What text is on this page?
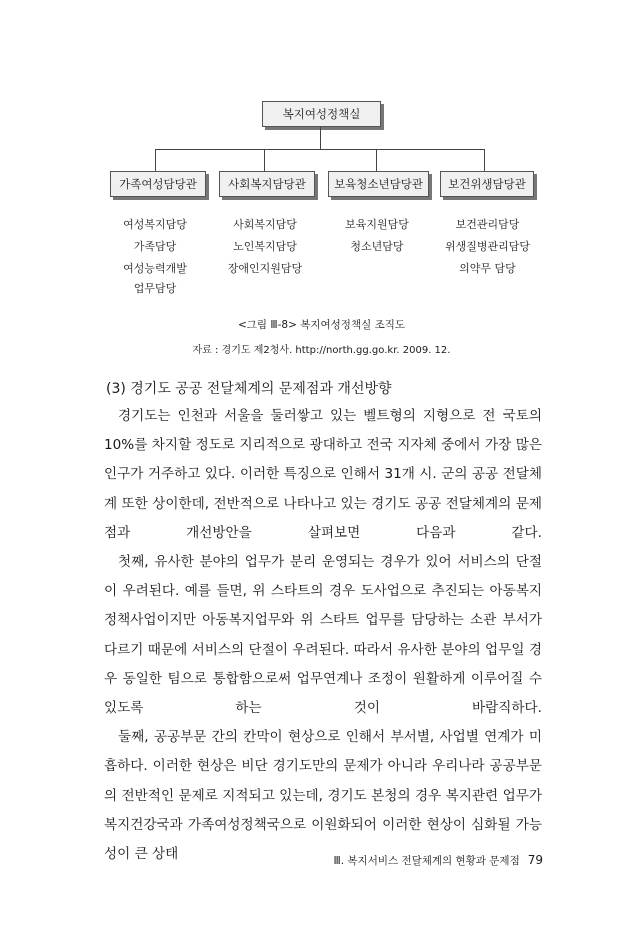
복지여성정책실
가족여성담당관	사회복지담당관 보육청소년담당관 보건위생담당관
여성복지담당
가족담당
여성능력개발
업무담당
사회복지담당
노인복지담당
장애인지원담당
보육지원담당
청소년담당
보건관리담당
위생질병관리담당
의약무 담당
<그림 Ⅲ-8> 복지여성정책실 조직도
자료 : 경기도 제2청사. http://north.gg.go.kr. 2009. 12.
(3) 경기도 공공 전달체계의 문제점과 개선방향

경기도는 인천과 서울을 둘러쌓고 있는 벨트형의 지형으로 전 국토의 10%를 차지할 정도로 지리적으로 광대하고 전국 지자체 중에서 가장 많은 인구가 거주하고 있다. 이러한 특징으로 인해서 31개 시. 군의 공공 전달체계 또한 상이한데, 전반적으로 나타나고 있는 경기도 공공 전달체계의 문제점과 개선방안을 살펴보면 다음과 같다.

첫째, 유사한 분야의 업무가 분리 운영되는 경우가 있어 서비스의 단절이 우려된다. 예를 들면, 위 스타트의 경우 도사업으로 추진되는 아동복지 정책사업이지만 아동복지업무와 위 스타트 업무를 담당하는 소관 부서가 다르기 때문에 서비스의 단절이 우려된다. 따라서 유사한 분야의 업무일 경우 동일한 팀으로 통합함으로써 업무연계나 조정이 원활하게 이루어질 수 있도록 하는 것이 바람직하다.

둘째, 공공부문 간의 칸막이 현상으로 인해서 부서별, 사업별 연계가 미흡하다. 이러한 현상은 비단 경기도만의 문제가 아니라 우리나라 공공부문의 전반적인 문제로 지적되고 있는데, 경기도 본청의 경우 복지관련 업무가 복지건강국과 가족여성정책국으로 이원화되어 이러한 현상이 심화될 가능성이 큰 상태	Ⅲ. 복지서비스 전달체계의 현황과 문제점 79
